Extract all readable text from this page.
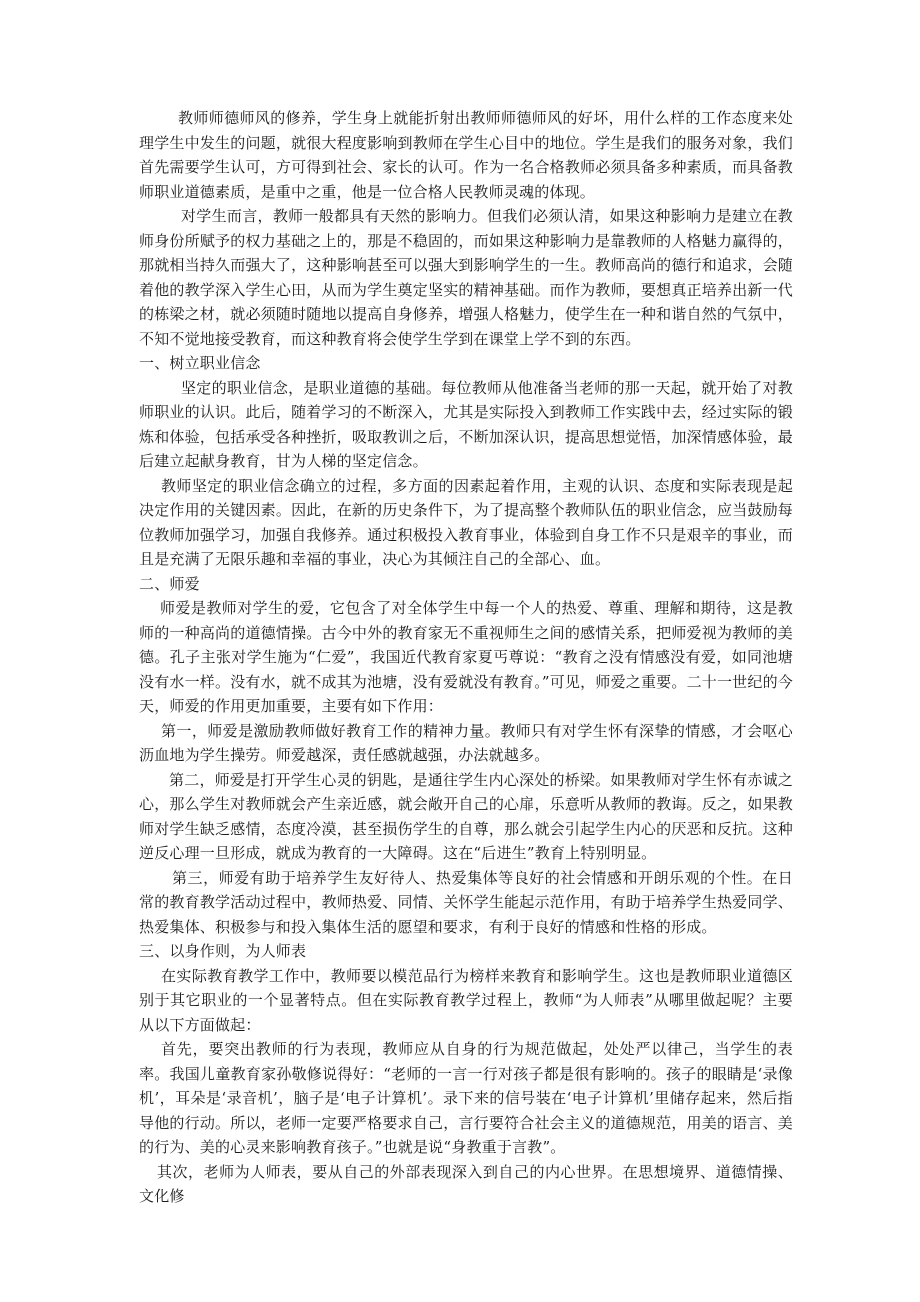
教师师德师风的修养，学生身上就能折射出教师师德师风的好坏，用什么样的工作态度来处理学生中发生的问题，就很大程度影响到教师在学生心目中的地位。学生是我们的服务对象，我们首先需要学生认可，方可得到社会、家长的认可。作为一名合格教师必须具备多种素质，而具备教师职业道德素质，是重中之重，他是一位合格人民教师灵魂的体现。

对学生而言，教师一般都具有天然的影响力。但我们必须认清，如果这种影响力是建立在教师身份所赋予的权力基础之上的，那是不稳固的，而如果这种影响力是靠教师的人格魅力赢得的，那就相当持久而强大了，这种影响甚至可以强大到影响学生的一生。教师高尚的德行和追求，会随着他的教学深入学生心田，从而为学生奠定坚实的精神基础。而作为教师，要想真正培养出新一代的栋梁之材，就必须随时随地以提高自身修养，增强人格魅力，使学生在一种和谐自然的气氛中，不知不觉地接受教育，而这种教育将会使学生学到在课堂上学不到的东西。

一、树立职业信念

坚定的职业信念，是职业道德的基础。每位教师从他准备当老师的那一天起，就开始了对教师职业的认识。此后，随着学习的不断深入，尤其是实际投入到教师工作实践中去，经过实际的锻炼和体验，包括承受各种挫折，吸取教训之后，不断加深认识，提高思想觉悟，加深情感体验，最后建立起献身教育，甘为人梯的坚定信念。

教师坚定的职业信念确立的过程，多方面的因素起着作用，主观的认识、态度和实际表现是起决定作用的关键因素。因此，在新的历史条件下，为了提高整个教师队伍的职业信念，应当鼓励每位教师加强学习，加强自我修养。通过积极投入教育事业，体验到自身工作不只是艰辛的事业，而且是充满了无限乐趣和幸福的事业，决心为其倾注自己的全部心、血。

二、师爱

师爱是教师对学生的爱，它包含了对全体学生中每一个人的热爱、尊重、理解和期待，这是教师的一种高尚的道德情操。古今中外的教育家无不重视师生之间的感情关系，把师爱视为教师的美德。孔子主张对学生施为“仁爱”，我国近代教育家夏丐尊说：“教育之没有情感没有爱，如同池塘没有水一样。没有水，就不成其为池塘，没有爱就没有教育。”可见，师爱之重要。二十一世纪的今天，师爱的作用更加重要，主要有如下作用：

第一，师爱是激励教师做好教育工作的精神力量。教师只有对学生怀有深挚的情感，才会呕心沥血地为学生操劳。师爱越深，责任感就越强，办法就越多。

第二，师爱是打开学生心灵的钥匙，是通往学生内心深处的桥梁。如果教师对学生怀有赤诚之心，那么学生对教师就会产生亲近感，就会敞开自己的心扉，乐意听从教师的教诲。反之，如果教师对学生缺乏感情，态度冷漠，甚至损伤学生的自尊，那么就会引起学生内心的厌恶和反抗。这种逆反心理一旦形成，就成为教育的一大障碍。这在“后进生”教育上特别明显。

第三，师爱有助于培养学生友好待人、热爱集体等良好的社会情感和开朗乐观的个性。在日常的教育教学活动过程中，教师热爱、同情、关怀学生能起示范作用，有助于培养学生热爱同学、热爱集体、积极参与和投入集体生活的愿望和要求，有利于良好的情感和性格的形成。

三、以身作则，为人师表

在实际教育教学工作中，教师要以模范品行为榜样来教育和影响学生。这也是教师职业道德区别于其它职业的一个显著特点。但在实际教育教学过程上，教师“为人师表”从哪里做起呢？主要从以下方面做起：

首先，要突出教师的行为表现，教师应从自身的行为规范做起，处处严以律己，当学生的表率。我国儿童教育家孙敬修说得好：“老师的一言一行对孩子都是很有影响的。孩子的眼睛是‘录像机’，耳朵是‘录音机’，脑子是‘电子计算机’。录下来的信号装在‘电子计算机’里储存起来，然后指导他的行动。所以，老师一定要严格要求自己，言行要符合社会主义的道德规范，用美的语言、美的行为、美的心灵来影响教育孩子。”也就是说“身教重于言教”。

其次，老师为人师表，要从自己的外部表现深入到自己的内心世界。在思想境界、道德情操、文化修
